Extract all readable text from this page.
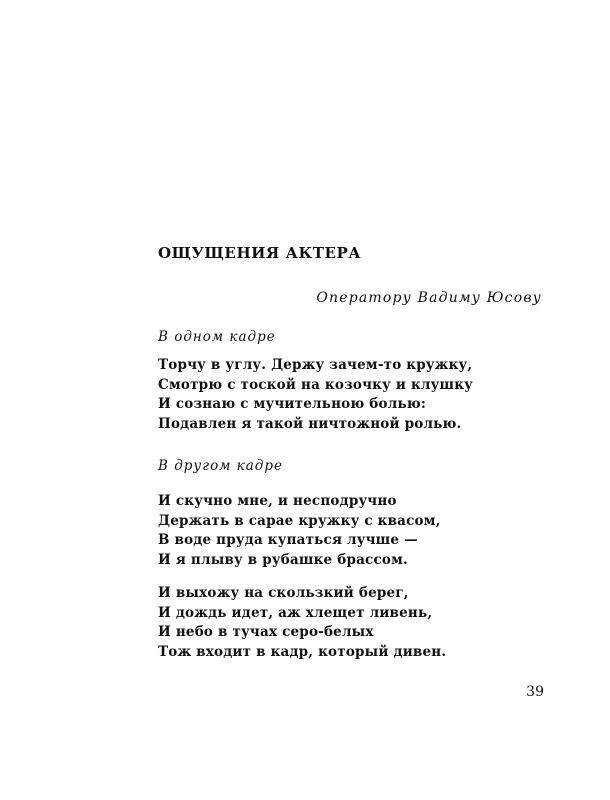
ОЩУЩЕНИЯ АКТЕРА
Оператору Вадиму Юсову
В одном кадре
Торчу в углу. Держу зачем-то кружку,
Смотрю с тоской на козочку и клушку
И сознаю с мучительною болью:
Подавлен я такой ничтожной ролью.
В другом кадре
И скучно мне, и несподручно
Держать в сарае кружку с квасом,
В воде пруда купаться лучше —
И я плыву в рубашке брассом.
И выхожу на скользкий берег,
И дождь идет, аж хлещет ливень,
И небо в тучах серо-белых
Тож входит в кадр, который дивен.
39
